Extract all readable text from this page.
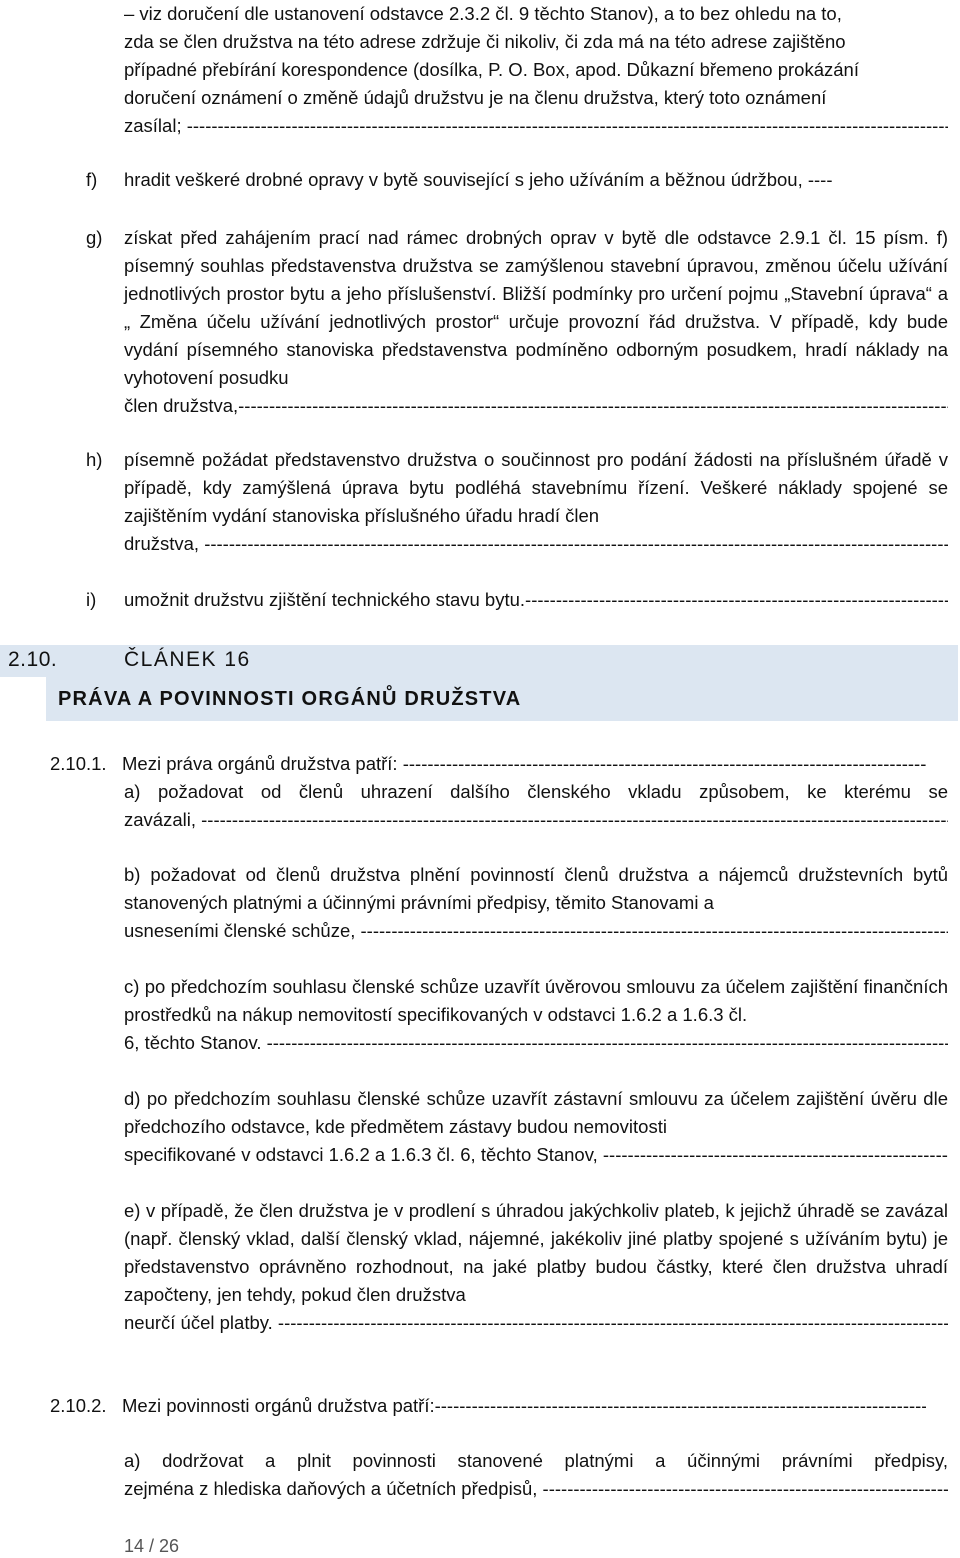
– viz doručení dle ustanovení odstavce 2.3.2 čl. 9 těchto Stanov), a to bez ohledu na to,
zda se člen družstva na této adrese zdržuje či nikoliv, či zda má na této adrese zajištěno
případné přebírání korespondence (dosílka, P. O. Box, apod. Důkazní břemeno prokázání
doručení oznámení o změně údajů družstvu je na členu družstva, který toto oznámení
zasílal; -----
f) hradit veškeré drobné opravy v bytě související s jeho užíváním a běžnou údržbou, ----
g) získat před zahájením prací nad rámec drobných oprav v bytě dle odstavce 2.9.1 čl. 15 písm. f) písemný souhlas představenstva družstva se zamýšlenou stavební úpravou, změnou účelu užívání jednotlivých prostor bytu a jeho příslušenství. Bližší podmínky pro určení pojmu „Stavební úprava“ a „ Změna účelu užívání jednotlivých prostor“ určuje provozní řád družstva. V případě, kdy bude vydání písemného stanoviska představenstva podmíněno odborným posudkem, hradí náklady na vyhotovení posudku
člen družstva, -----
h) písemně požádat představenstvo družstva o součinnost pro podání žádosti na příslušném úřadě v případě, kdy zamýšlená úprava bytu podléhá stavebnímu řízení. Veškeré náklady spojené se zajištěním vydání stanoviska příslušného úřadu hradí člen
družstva, -----
i) umožnit družstvu zjištění technického stavu bytu. -----
2.10.	ČLÁNEK 16
PRÁVA A POVINNOSTI ORGÁNŮ DRUŽSTVA
2.10.1. Mezi práva orgánů družstva patří: -----
a) požadovat od členů uhrazení dalšího členského vkladu způsobem, ke kterému se
zavázali, -----
b) požadovat od členů družstva plnění povinností členů družstva a nájemců družstevních bytů stanovených platnými a účinnými právními předpisy, těmito Stanovami a
usneseními členské schůze, -----
c) po předchozím souhlasu členské schůze uzavřít úvěrovou smlouvu za účelem zajištění finančních prostředků na nákup nemovitostí specifikovaných v odstavci 1.6.2 a 1.6.3 čl.
6, těchto Stanov. -----
d) po předchozím souhlasu členské schůze uzavřít zástavní smlouvu za účelem zajištění úvěru dle předchozího odstavce, kde předmětem zástavy budou nemovitosti
specifikované v odstavci 1.6.2 a 1.6.3 čl. 6, těchto Stanov, -----
e) v případě, že člen družstva je v prodlení s úhradou jakýchkoliv plateb, k jejichž úhradě se zavázal (např. členský vklad, další členský vklad, nájemné, jakékoliv jiné platby spojené s užíváním bytu) je představenstvo oprávněno rozhodnout, na jaké platby budou částky, které člen družstva uhradí započteny, jen tehdy, pokud člen družstva
neurčí účel platby. -----
2.10.2. Mezi povinnosti orgánů družstva patří: -----
a) dodržovat a plnit povinnosti stanovené platnými a účinnými právními předpisy,
zejména z hlediska daňových a účetních předpisů, -----
14 / 26
